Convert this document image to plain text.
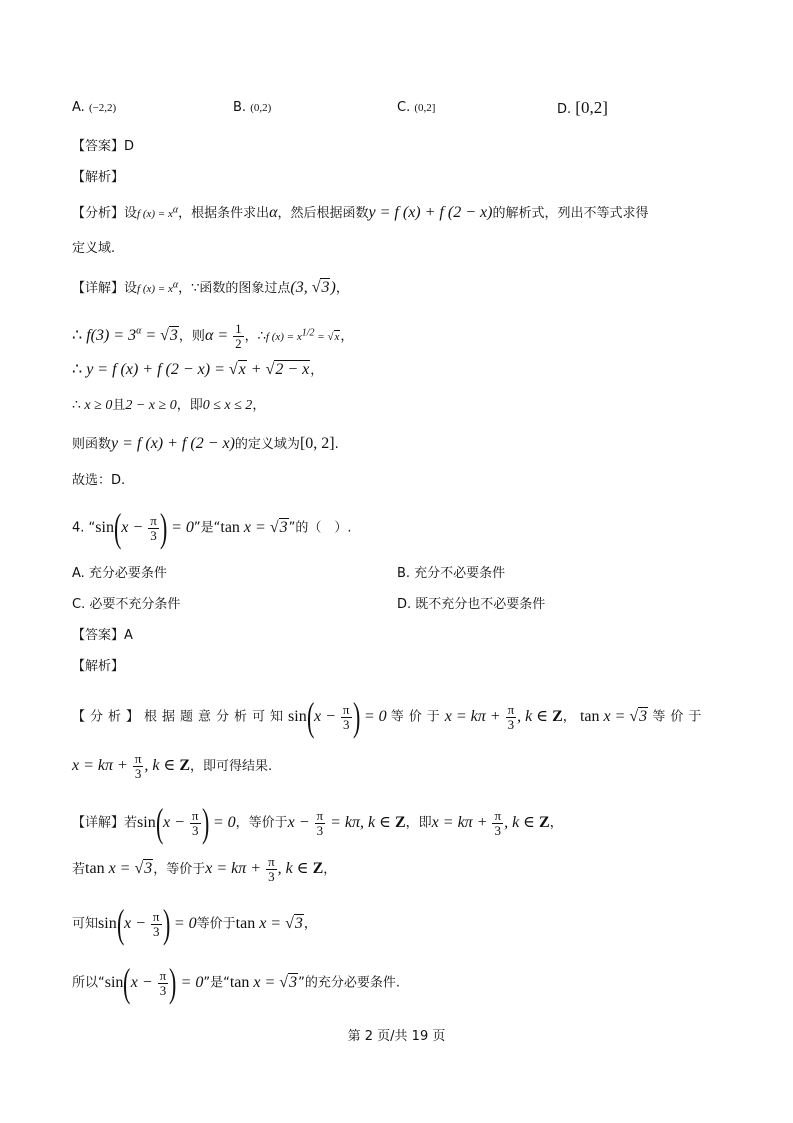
A. (−2,2)	B. (0,2)	C. (0,2]	D. [0,2]
【答案】D
【解析】
【分析】设f $(x) = x^\alpha$，根据条件求出α，然后根据函数y = f (x) + f (2 − x)的解析式，列出不等式求得
定义域.
【详解】设f $(x) = x^\alpha$，∵函数的图象过点(3, √3)，
∴ $f(3) = 3^\alpha = √3$，则$\alpha = \frac{1}{2}$ ，∴f $(x) = x^{1/2} = √x$，
∴ y = f (x) + f (2 − x) = √x + √2 − x，
∴ x ≥ 0且2 − x ≥ 0，即0 ≤ x ≤ 2，
则函数y = f (x) + f (2 − x)的定义域为[0, 2].
故选：D.
4. “$\sin(x - \frac{\pi}{3}$ ) = 0”是“tan x = √3”的（　）.
A. 充分必要条件	B. 充分不必要条件
C. 必要不充分条件	D. 既不充分也不必要条件
【答案】A
【解析】
【分析】根据题意分析可知$\sin(x - \frac{\pi}{3}$ ) = 0 等价于$x = k\pi + \frac{\pi}{3}$ , k ∈ Z， tan x = √3 等价于
$x = k\pi + \frac{\pi}{3}$ , k ∈ Z，即可得结果.
【详解】若$\sin(x - \frac{\pi}{3}$ ) = 0，等价于$x - \frac{\pi}{3} = k\pi$, k ∈ Z，即$x = k\pi + \frac{\pi}{3}$ , k ∈ Z，
若tan x = √3，等价于$x = k\pi + \frac{\pi}{3}$ , k ∈ Z，
可知$\sin(x - \frac{\pi}{3}$ ) = 0等价于tan x = √3，
所以“$\sin(x - \frac{\pi}{3}$ ) = 0”是“tan x = √3”的充分必要条件.
第 2 页/共 19 页
